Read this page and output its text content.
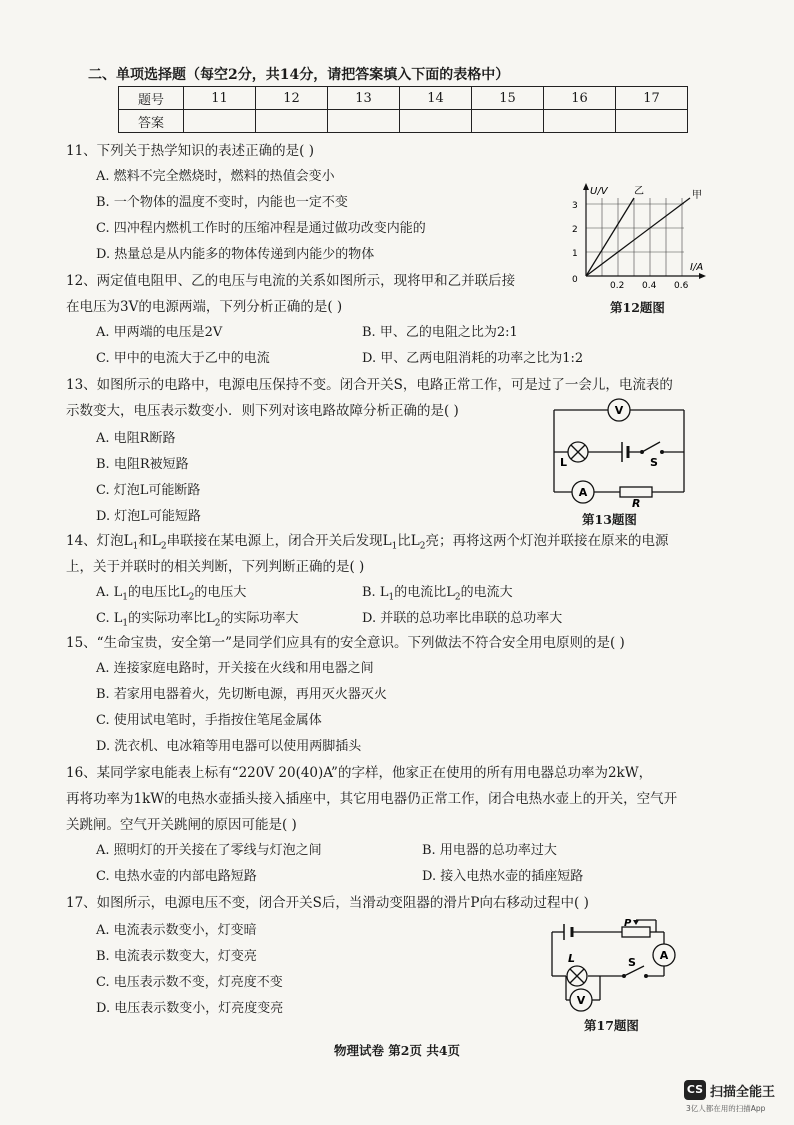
二、单项选择题（每空2分，共14分，请把答案填入下面的表格中）
题号	11	12	13	14	15	16	17
答案							
11、下列关于热学知识的表述正确的是( )
A. 燃料不完全燃烧时，燃料的热值会变小
B. 一个物体的温度不变时，内能也一定不变
C. 四冲程内燃机工作时的压缩冲程是通过做功改变内能的
D. 热量总是从内能多的物体传递到内能少的物体
U/V	乙	甲
1
2
3
0
0.2 0.4 0.6
I/A
第12题图
12、两定值电阻甲、乙的电压与电流的关系如图所示，现将甲和乙并联后接
在电压为3V的电源两端，下列分析正确的是( )
A. 甲两端的电压是2V	B. 甲、乙的电阻之比为2:1
C. 甲中的电流大于乙中的电流	D. 甲、乙两电阻消耗的功率之比为1:2
13、如图所示的电路中，电源电压保持不变。闭合开关S，电路正常工作，可是过了一会儿，电流表的
示数变大，电压表示数变小．则下列对该电路故障分析正确的是( )
A. 电阻R断路
B. 电阻R被短路
C. 灯泡L可能断路
D. 灯泡L可能短路
V
A
L	S
R
第13题图
14、灯泡$L_1$和$L_2$串联接在某电源上，闭合开关后发现$L_1$比$L_2$亮；再将这两个灯泡并联接在原来的电源
上，关于并联时的相关判断，下列判断正确的是( )
A. $L_1$的电压比$L_2$的电压大	B. $L_1$的电流比$L_2$的电流大
C. $L_1$的实际功率比$L_2$的实际功率大	D. 并联的总功率比串联的总功率大
15、“生命宝贵，安全第一”是同学们应具有的安全意识。下列做法不符合安全用电原则的是( )
A. 连接家庭电路时，开关接在火线和用电器之间
B. 若家用电器着火，先切断电源，再用灭火器灭火
C. 使用试电笔时，手指按住笔尾金属体
D. 洗衣机、电冰箱等用电器可以使用两脚插头
16、某同学家电能表上标有“220V 20(40)A”的字样，他家正在使用的所有用电器总功率为2kW，
再将功率为1kW的电热水壶插头接入插座中，其它用电器仍正常工作，闭合电热水壶上的开关，空气开
关跳闸。空气开关跳闸的原因可能是( )
A. 照明灯的开关接在了零线与灯泡之间	B. 用电器的总功率过大
C. 电热水壶的内部电路短路	D. 接入电热水壶的插座短路
17、如图所示，电源电压不变，闭合开关S后，当滑动变阻器的滑片P向右移动过程中( )
A. 电流表示数变小，灯变暗
B. 电流表示数变大，灯变亮
C. 电压表示数不变，灯亮度不变
D. 电压表示数变小，灯亮度变亮
P
A
L	S
V
第17题图
物理试卷 第2页 共4页
CS 扫描全能王
3亿人都在用的扫描App
